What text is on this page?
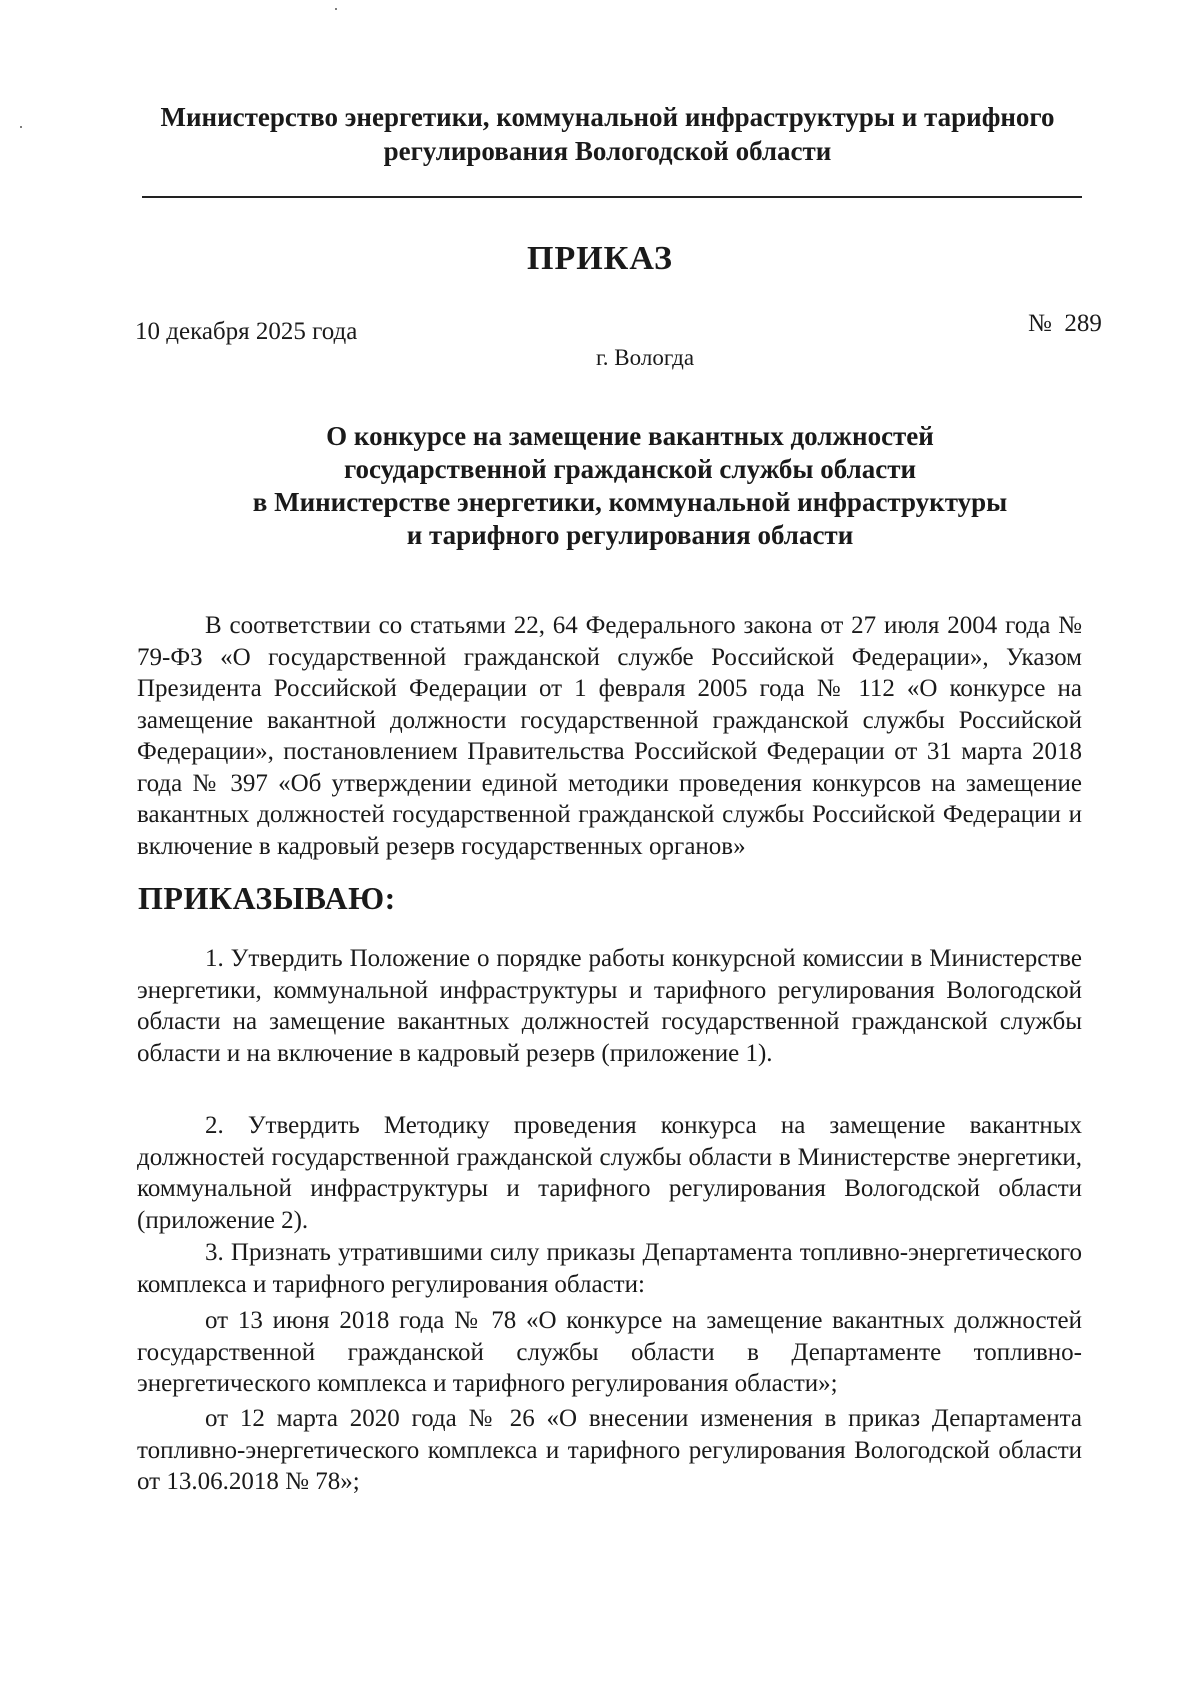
Министерство энергетики, коммунальной инфраструктуры и тарифного
регулирования Вологодской области
ПРИКАЗ
10 декабря 2025 года	№  289
г. Вологда
О конкурсе на замещение вакантных должностей
государственной гражданской службы области
в Министерстве энергетики, коммунальной инфраструктуры
и тарифного регулирования области
В соответствии со статьями 22, 64 Федерального закона от 27 июля 2004 года № 79-ФЗ «О государственной гражданской службе Российской Федерации», Указом Президента Российской Федерации от 1 февраля 2005 года № 112 «О конкурсе на замещение вакантной должности государственной гражданской службы Российской Федерации», постановлением Правительства Российской Федерации от 31 марта 2018 года № 397 «Об утверждении единой методики проведения конкурсов на замещение вакантных должностей государственной гражданской службы Российской Федерации и включение в кадровый резерв государственных органов»
ПРИКАЗЫВАЮ:
1. Утвердить Положение о порядке работы конкурсной комиссии в Министерстве энергетики, коммунальной инфраструктуры и тарифного регулирования Вологодской области на замещение вакантных должностей государственной гражданской службы области и на включение в кадровый резерв (приложение 1).
2. Утвердить Методику проведения конкурса на замещение вакантных должностей государственной гражданской службы области в Министерстве энергетики, коммунальной инфраструктуры и тарифного регулирования Вологодской области (приложение 2).
3. Признать утратившими силу приказы Департамента топливно-энергетического комплекса и тарифного регулирования области:
от 13 июня 2018 года № 78 «О конкурсе на замещение вакантных должностей государственной гражданской службы области в Департаменте топливно-энергетического комплекса и тарифного регулирования области»;
от 12 марта 2020 года № 26 «О внесении изменения в приказ Департамента топливно-энергетического комплекса и тарифного регулирования Вологодской области от 13.06.2018 № 78»;
